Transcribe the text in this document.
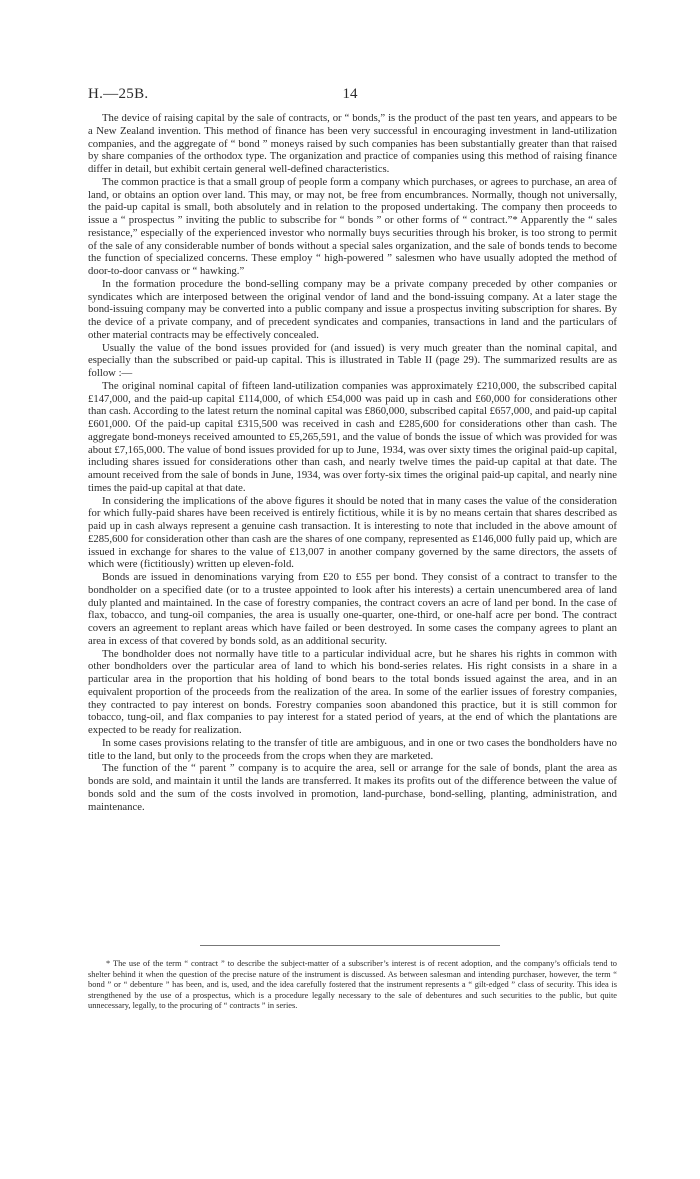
H.—25B.	14

The device of raising capital by the sale of contracts, or “ bonds,” is the product of the past ten years, and appears to be a New Zealand invention. This method of finance has been very successful in encouraging investment in land-utilization companies, and the aggregate of “ bond ” moneys raised by such companies has been substantially greater than that raised by share companies of the orthodox type. The organization and practice of companies using this method of raising finance differ in detail, but exhibit certain general well-defined characteristics.

The common practice is that a small group of people form a company which purchases, or agrees to purchase, an area of land, or obtains an option over land. This may, or may not, be free from encumbrances. Normally, though not universally, the paid-up capital is small, both absolutely and in relation to the proposed undertaking. The company then proceeds to issue a “ prospectus ” inviting the public to subscribe for “ bonds ” or other forms of “ contract.”* Apparently the “ sales resistance,” especially of the experienced investor who normally buys securities through his broker, is too strong to permit of the sale of any considerable number of bonds without a special sales organization, and the sale of bonds tends to become the function of specialized concerns. These employ “ high-powered ” salesmen who have usually adopted the method of door-to-door canvass or “ hawking.”

In the formation procedure the bond-selling company may be a private company preceded by other companies or syndicates which are interposed between the original vendor of land and the bond-issuing company. At a later stage the bond-issuing company may be converted into a public company and issue a prospectus inviting subscription for shares. By the device of a private company, and of precedent syndicates and companies, transactions in land and the particulars of other material contracts may be effectively concealed.

Usually the value of the bond issues provided for (and issued) is very much greater than the nominal capital, and especially than the subscribed or paid-up capital. This is illustrated in Table II (page 29). The summarized results are as follow :—

The original nominal capital of fifteen land-utilization companies was approximately £210,000, the subscribed capital £147,000, and the paid-up capital £114,000, of which £54,000 was paid up in cash and £60,000 for considerations other than cash. According to the latest return the nominal capital was £860,000, subscribed capital £657,000, and paid-up capital £601,000. Of the paid-up capital £315,500 was received in cash and £285,600 for considerations other than cash. The aggregate bond-moneys received amounted to £5,265,591, and the value of bonds the issue of which was provided for was about £7,165,000. The value of bond issues provided for up to June, 1934, was over sixty times the original paid-up capital, including shares issued for considerations other than cash, and nearly twelve times the paid-up capital at that date. The amount received from the sale of bonds in June, 1934, was over forty-six times the original paid-up capital, and nearly nine times the paid-up capital at that date.

In considering the implications of the above figures it should be noted that in many cases the value of the consideration for which fully-paid shares have been received is entirely fictitious, while it is by no means certain that shares described as paid up in cash always represent a genuine cash transaction. It is interesting to note that included in the above amount of £285,600 for consideration other than cash are the shares of one company, represented as £146,000 fully paid up, which are issued in exchange for shares to the value of £13,007 in another company governed by the same directors, the assets of which were (fictitiously) written up eleven-fold.

Bonds are issued in denominations varying from £20 to £55 per bond. They consist of a contract to transfer to the bondholder on a specified date (or to a trustee appointed to look after his interests) a certain unencumbered area of land duly planted and maintained. In the case of forestry companies, the contract covers an acre of land per bond. In the case of flax, tobacco, and tung-oil companies, the area is usually one-quarter, one-third, or one-half acre per bond. The contract covers an agreement to replant areas which have failed or been destroyed. In some cases the company agrees to plant an area in excess of that covered by bonds sold, as an additional security.

The bondholder does not normally have title to a particular individual acre, but he shares his rights in common with other bondholders over the particular area of land to which his bond-series relates. His right consists in a share in a particular area in the proportion that his holding of bond bears to the total bonds issued against the area, and in an equivalent proportion of the proceeds from the realization of the area. In some of the earlier issues of forestry companies, they contracted to pay interest on bonds. Forestry companies soon abandoned this practice, but it is still common for tobacco, tung-oil, and flax companies to pay interest for a stated period of years, at the end of which the plantations are expected to be ready for realization.

In some cases provisions relating to the transfer of title are ambiguous, and in one or two cases the bondholders have no title to the land, but only to the proceeds from the crops when they are marketed.

The function of the “ parent ” company is to acquire the area, sell or arrange for the sale of bonds, plant the area as bonds are sold, and maintain it until the lands are transferred. It makes its profits out of the difference between the value of bonds sold and the sum of the costs involved in promotion, land-purchase, bond-selling, planting, administration, and maintenance.

* The use of the term “ contract ” to describe the subject-matter of a subscriber’s interest is of recent adoption, and the company’s officials tend to shelter behind it when the question of the precise nature of the instrument is discussed. As between salesman and intending purchaser, however, the term “ bond ” or “ debenture ” has been, and is, used, and the idea carefully fostered that the instrument represents a “ gilt-edged ” class of security. This idea is strengthened by the use of a prospectus, which is a procedure legally necessary to the sale of debentures and such securities to the public, but quite unnecessary, legally, to the procuring of “ contracts ” in series.
